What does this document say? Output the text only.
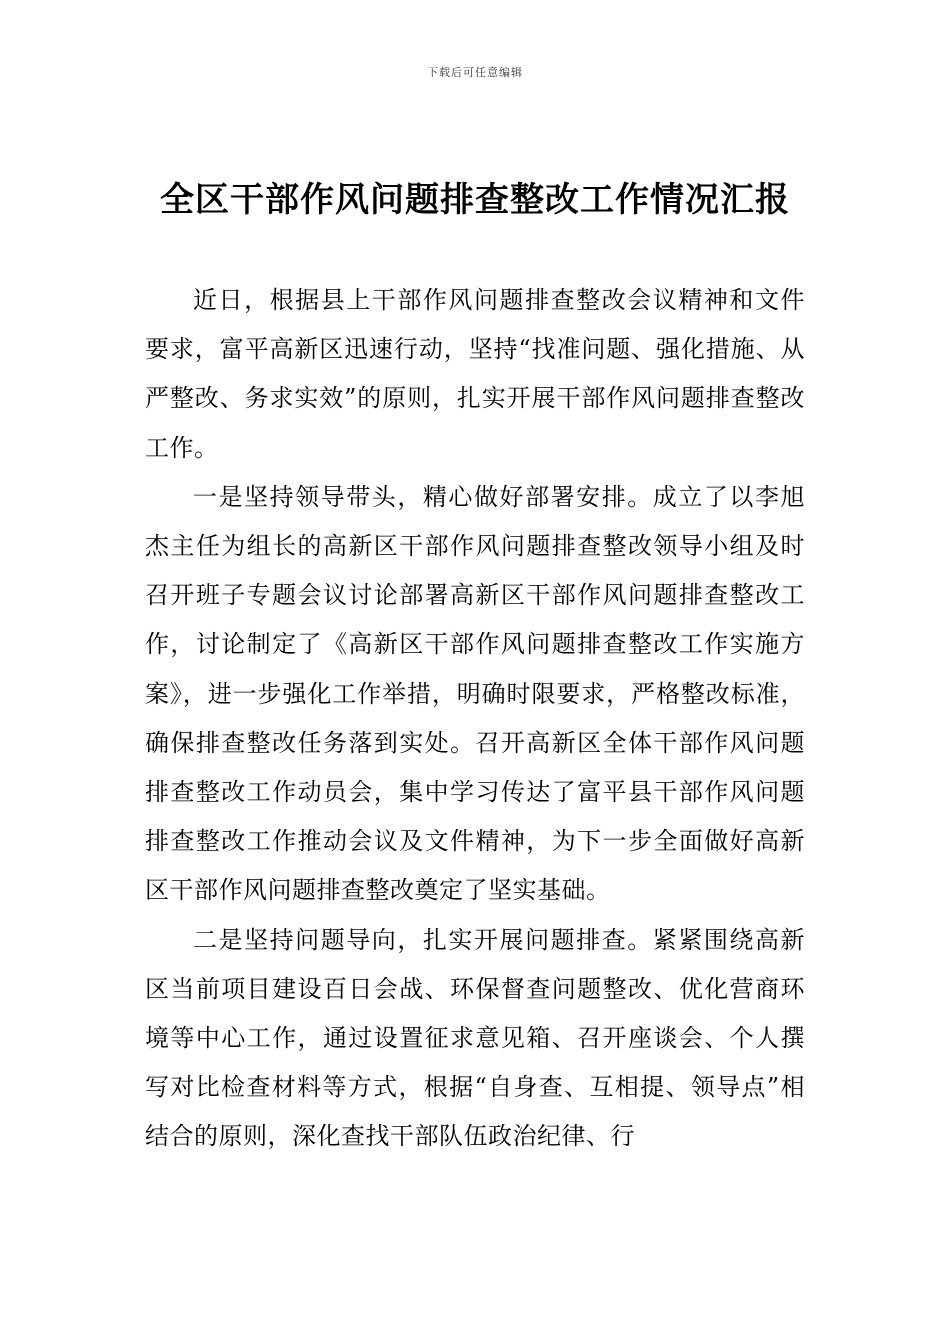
下载后可任意编辑
全区干部作风问题排查整改工作情况汇报

近日，根据县上干部作风问题排查整改会议精神和文件要求，富平高新区迅速行动，坚持“找准问题、强化措施、从严整改、务求实效”的原则，扎实开展干部作风问题排查整改工作。

一是坚持领导带头，精心做好部署安排。成立了以李旭杰主任为组长的高新区干部作风问题排查整改领导小组及时召开班子专题会议讨论部署高新区干部作风问题排查整改工作，讨论制定了《高新区干部作风问题排查整改工作实施方案》，进一步强化工作举措，明确时限要求，严格整改标准，确保排查整改任务落到实处。召开高新区全体干部作风问题排查整改工作动员会，集中学习传达了富平县干部作风问题排查整改工作推动会议及文件精神，为下一步全面做好高新区干部作风问题排查整改奠定了坚实基础。

二是坚持问题导向，扎实开展问题排查。紧紧围绕高新区当前项目建设百日会战、环保督查问题整改、优化营商环境等中心工作，通过设置征求意见箱、召开座谈会、个人撰写对比检查材料等方式，根据“自身查、互相提、领导点”相结合的原则，深化查找干部队伍政治纪律、行
